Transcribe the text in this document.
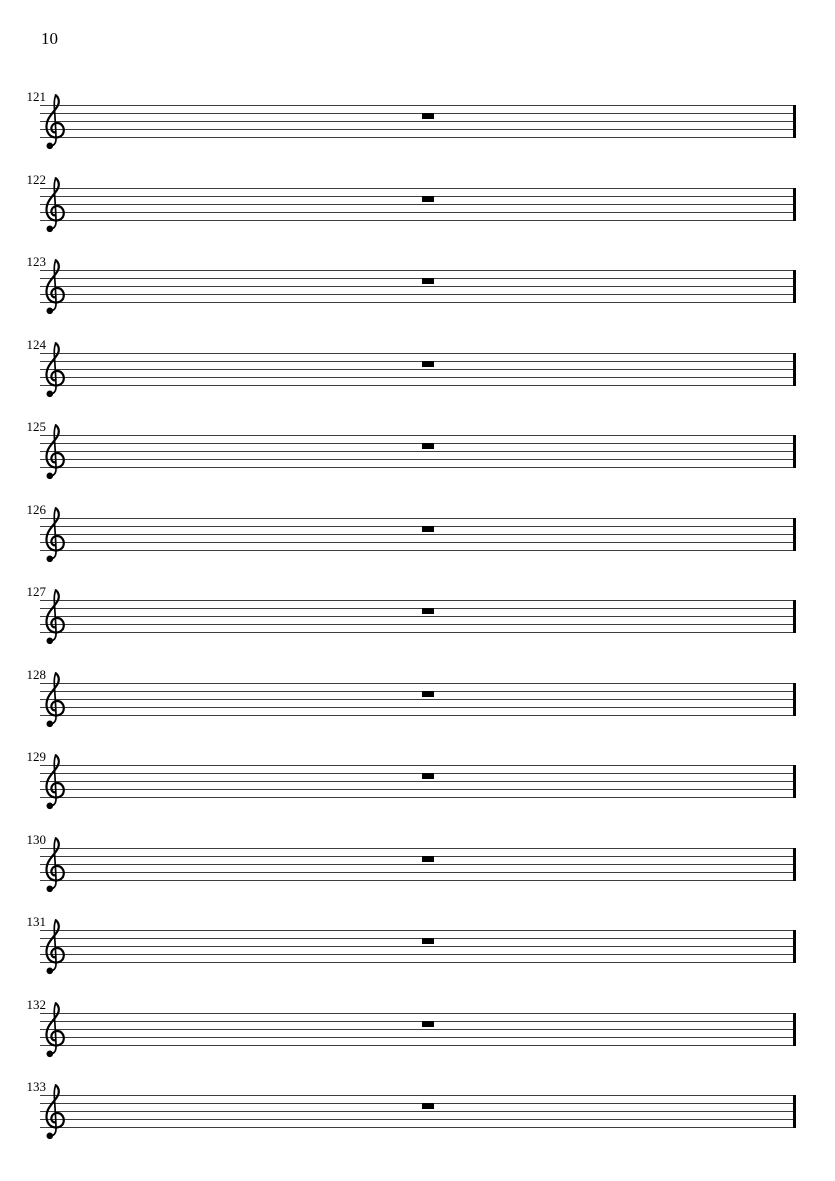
10
121
122
123
124
125
126
127
128
129
130
131
132
133
